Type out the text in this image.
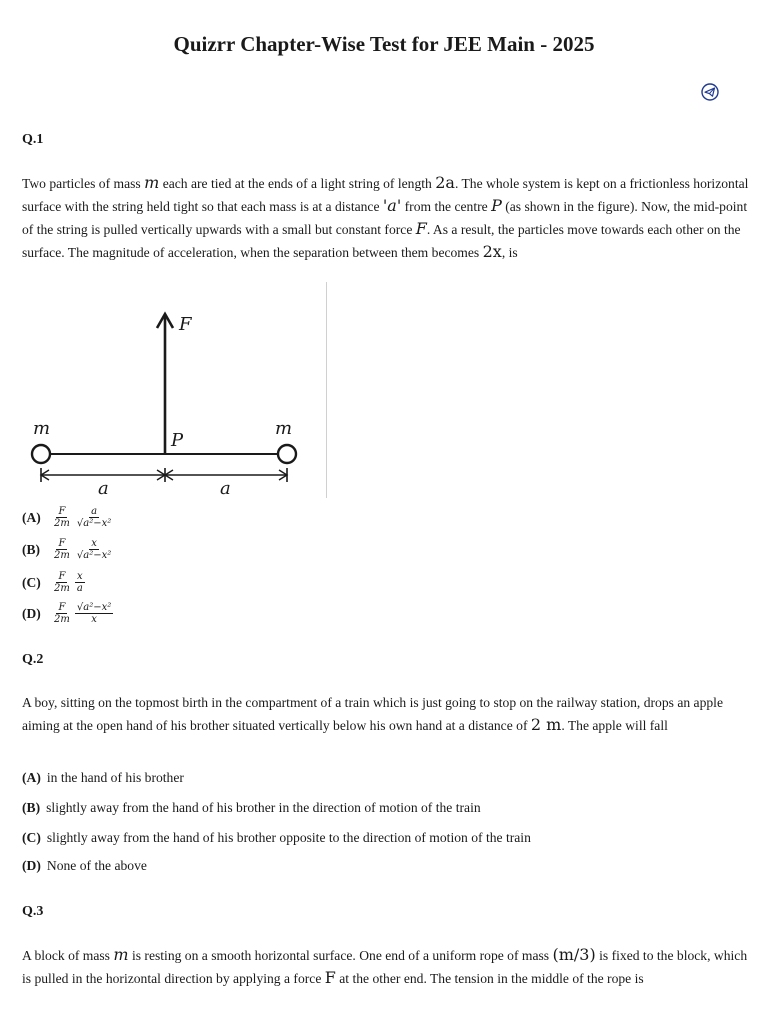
Quizrr Chapter-Wise Test for JEE Main - 2025
Q.1
Two particles of mass m each are tied at the ends of a light string of length 2a. The whole system is kept on a frictionless horizontal surface with the string held tight so that each mass is at a distance 'a' from the centre P (as shown in the figure). Now, the mid-point of the string is pulled vertically upwards with a small but constant force F. As a result, the particles move towards each other on the surface. The magnitude of acceleration, when the separation between them becomes 2x, is
F
m	m
P
a	a
$(A) \frac{F}{2m} \frac{a}{\text{√a²−x²}}$
$(B) \frac{F}{2m} \frac{x}{\text{√a²−x²}}$
$(C) \frac{F}{2m} \frac{x}{a}$
$(D) \frac{F}{2m} \frac{\text{√a²−x²}}{x}$
Q.2
A boy, sitting on the topmost birth in the compartment of a train which is just going to stop on the railway station, drops an apple aiming at the open hand of his brother situated vertically below his own hand at a distance of 2 m. The apple will fall
(A) in the hand of his brother
(B) slightly away from the hand of his brother in the direction of motion of the train
(C) slightly away from the hand of his brother opposite to the direction of motion of the train
(D) None of the above
Q.3
A block of mass m is resting on a smooth horizontal surface. One end of a uniform rope of mass (m/3) is fixed to the block, which is pulled in the horizontal direction by applying a force F at the other end. The tension in the middle of the rope is
